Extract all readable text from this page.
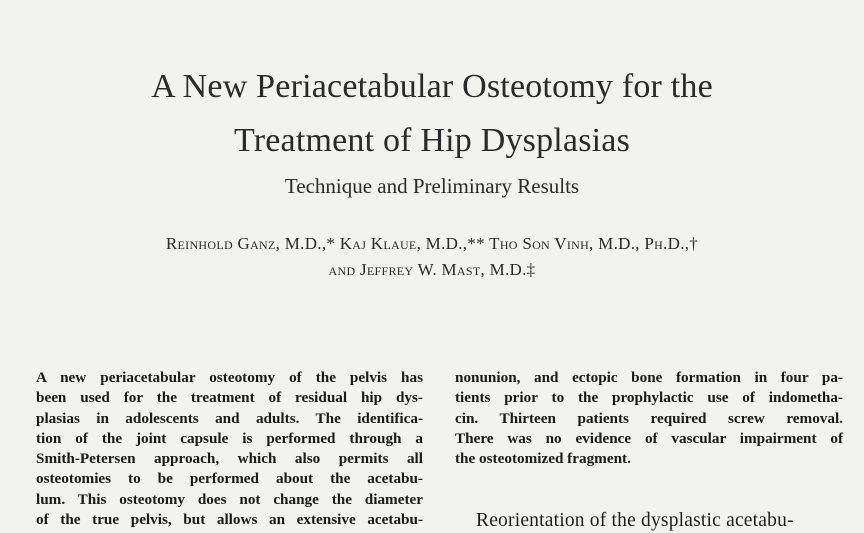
A New Periacetabular Osteotomy for the
Treatment of Hip Dysplasias
Technique and Preliminary Results
Reinhold Ganz, M.D.,* Kaj Klaue, M.D.,** Tho Son Vinh, M.D., Ph.D.,†
and Jeffrey W. Mast, M.D.‡
A new periacetabular osteotomy of the pelvis has
been used for the treatment of residual hip dys-
plasias in adolescents and adults. The identifica-
tion of the joint capsule is performed through a
Smith-Petersen approach, which also permits all
osteotomies to be performed about the acetabu-
lum. This osteotomy does not change the diameter
of the true pelvis, but allows an extensive acetabu-
nonunion, and ectopic bone formation in four pa-
tients prior to the prophylactic use of indometha-
cin. Thirteen patients required screw removal.
There was no evidence of vascular impairment of
the osteotomized fragment.
Reorientation of the dysplastic acetabu-
